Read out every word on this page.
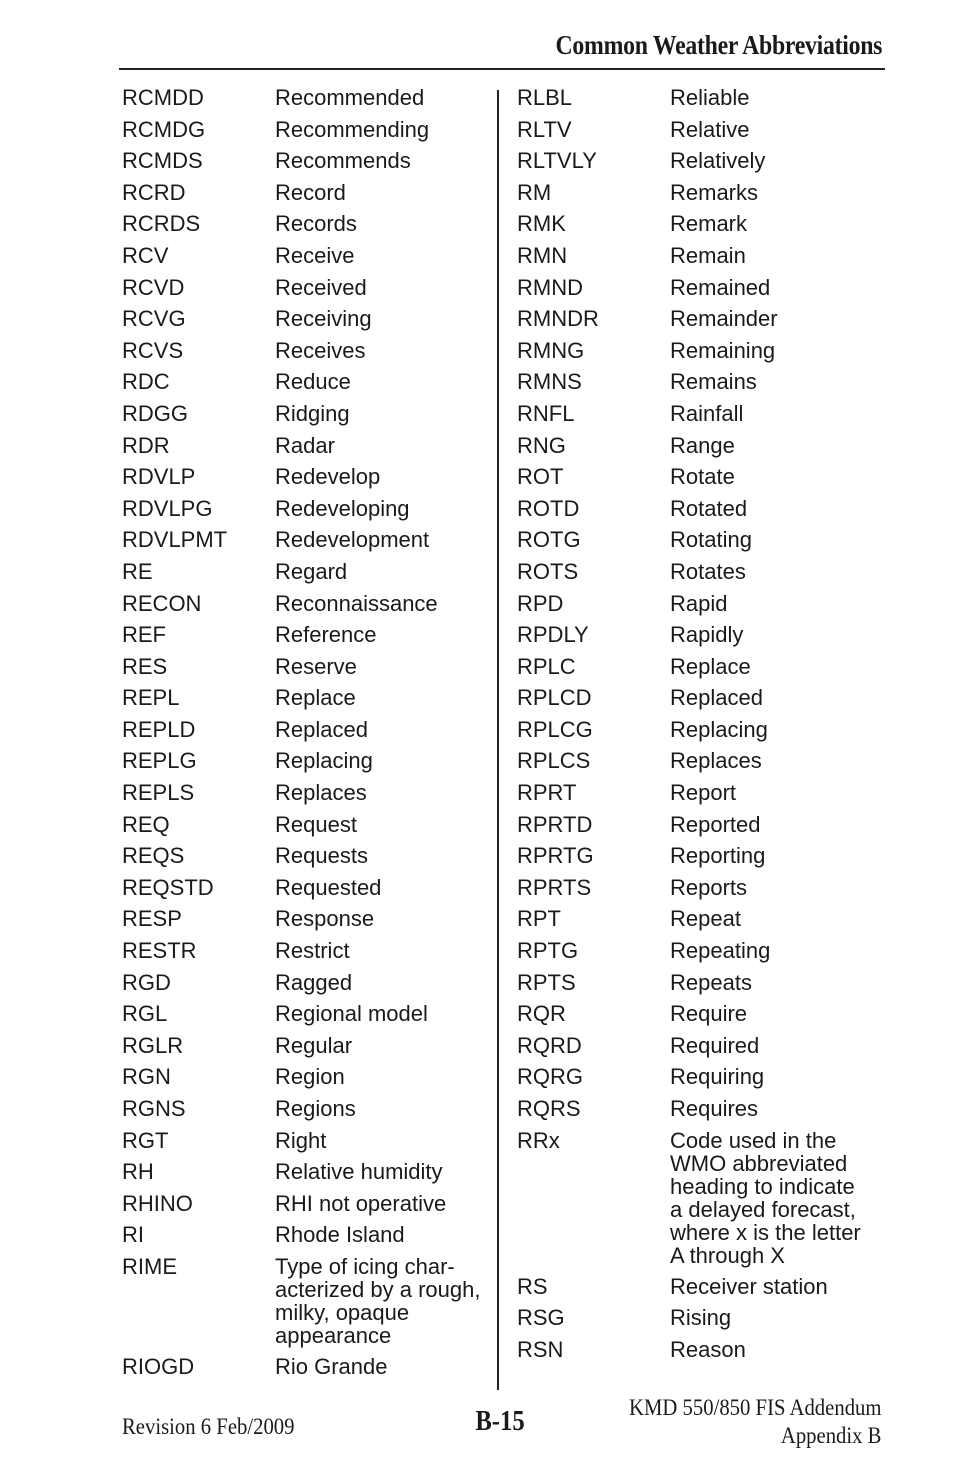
Common Weather Abbreviations
RCMDD	Recommended
RCMDG	Recommending
RCMDS	Recommends
RCRD	Record
RCRDS	Records
RCV	Receive
RCVD	Received
RCVG	Receiving
RCVS	Receives
RDC	Reduce
RDGG	Ridging
RDR	Radar
RDVLP	Redevelop
RDVLPG	Redeveloping
RDVLPMT	Redevelopment
RE	Regard
RECON	Reconnaissance
REF	Reference
RES	Reserve
REPL	Replace
REPLD	Replaced
REPLG	Replacing
REPLS	Replaces
REQ	Request
REQS	Requests
REQSTD	Requested
RESP	Response
RESTR	Restrict
RGD	Ragged
RGL	Regional model
RGLR	Regular
RGN	Region
RGNS	Regions
RGT	Right
RH	Relative humidity
RHINO	RHI not operative
RI	Rhode Island
RIME	Type of icing char-
acterized by a rough,
milky, opaque
appearance
RIOGD	Rio Grande
RLBL	Reliable
RLTV	Relative
RLTVLY	Relatively
RM	Remarks
RMK	Remark
RMN	Remain
RMND	Remained
RMNDR	Remainder
RMNG	Remaining
RMNS	Remains
RNFL	Rainfall
RNG	Range
ROT	Rotate
ROTD	Rotated
ROTG	Rotating
ROTS	Rotates
RPD	Rapid
RPDLY	Rapidly
RPLC	Replace
RPLCD	Replaced
RPLCG	Replacing
RPLCS	Replaces
RPRT	Report
RPRTD	Reported
RPRTG	Reporting
RPRTS	Reports
RPT	Repeat
RPTG	Repeating
RPTS	Repeats
RQR	Require
RQRD	Required
RQRG	Requiring
RQRS	Requires
RRx	Code used in the
WMO abbreviated
heading to indicate
a delayed forecast,
where x is the letter
A through X
RS	Receiver station
RSG	Rising
RSN	Reason
Revision 6 Feb/2009	B-15	KMD 550/850 FIS Addendum
Appendix B
